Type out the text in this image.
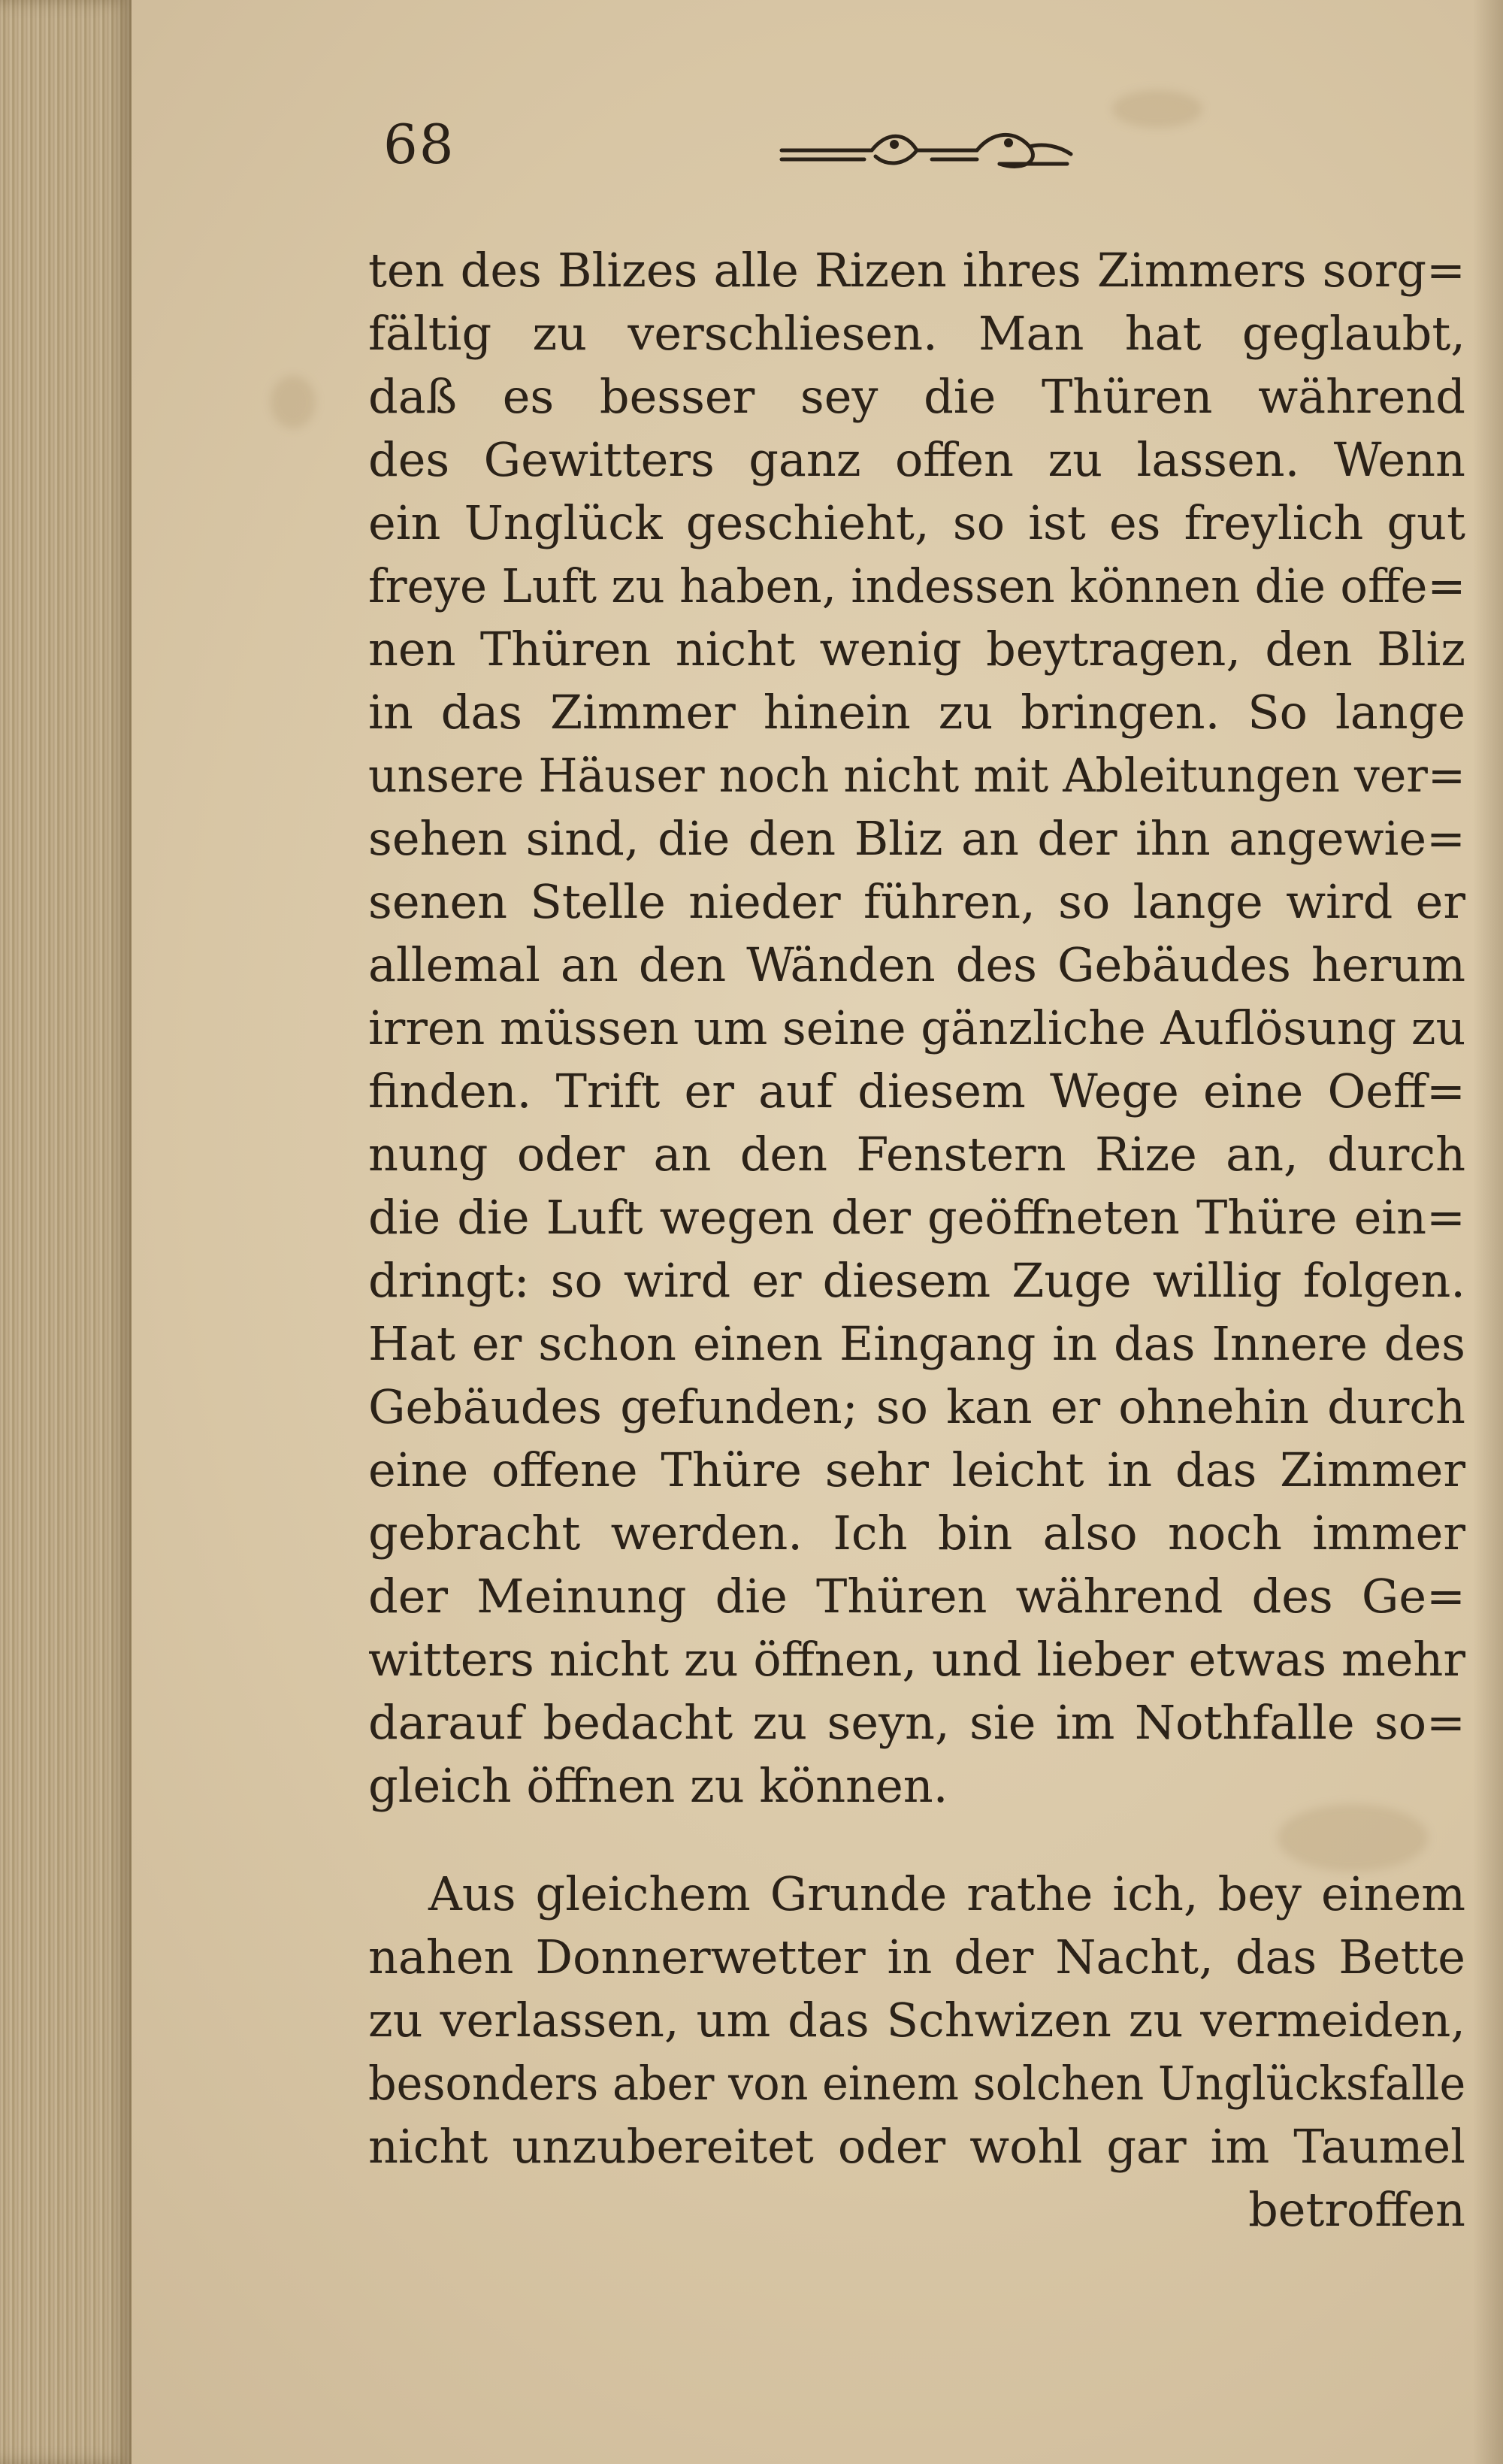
68
ten des Blizes alle Rizen ihres Zimmers sorg=
fältig zu verschliesen. Man hat geglaubt,
daß es besser sey die Thüren während
des Gewitters ganz offen zu lassen. Wenn
ein Unglück geschieht, so ist es freylich gut
freye Luft zu haben, indessen können die offe=
nen Thüren nicht wenig beytragen, den Bliz
in das Zimmer hinein zu bringen. So lange
unsere Häuser noch nicht mit Ableitungen ver=
sehen sind, die den Bliz an der ihn angewie=
senen Stelle nieder führen, so lange wird er
allemal an den Wänden des Gebäudes herum
irren müssen um seine gänzliche Auflösung zu
finden. Trift er auf diesem Wege eine Oeff=
nung oder an den Fenstern Rize an, durch
die die Luft wegen der geöffneten Thüre ein=
dringt: so wird er diesem Zuge willig folgen.
Hat er schon einen Eingang in das Innere des
Gebäudes gefunden; so kan er ohnehin durch
eine offene Thüre sehr leicht in das Zimmer
gebracht werden. Ich bin also noch immer
der Meinung die Thüren während des Ge=
witters nicht zu öffnen, und lieber etwas mehr
darauf bedacht zu seyn, sie im Nothfalle so=
gleich öffnen zu können.
Aus gleichem Grunde rathe ich, bey einem
nahen Donnerwetter in der Nacht, das Bette
zu verlassen, um das Schwizen zu vermeiden,
besonders aber von einem solchen Unglücksfalle
nicht unzubereitet oder wohl gar im Taumel
betroffen
